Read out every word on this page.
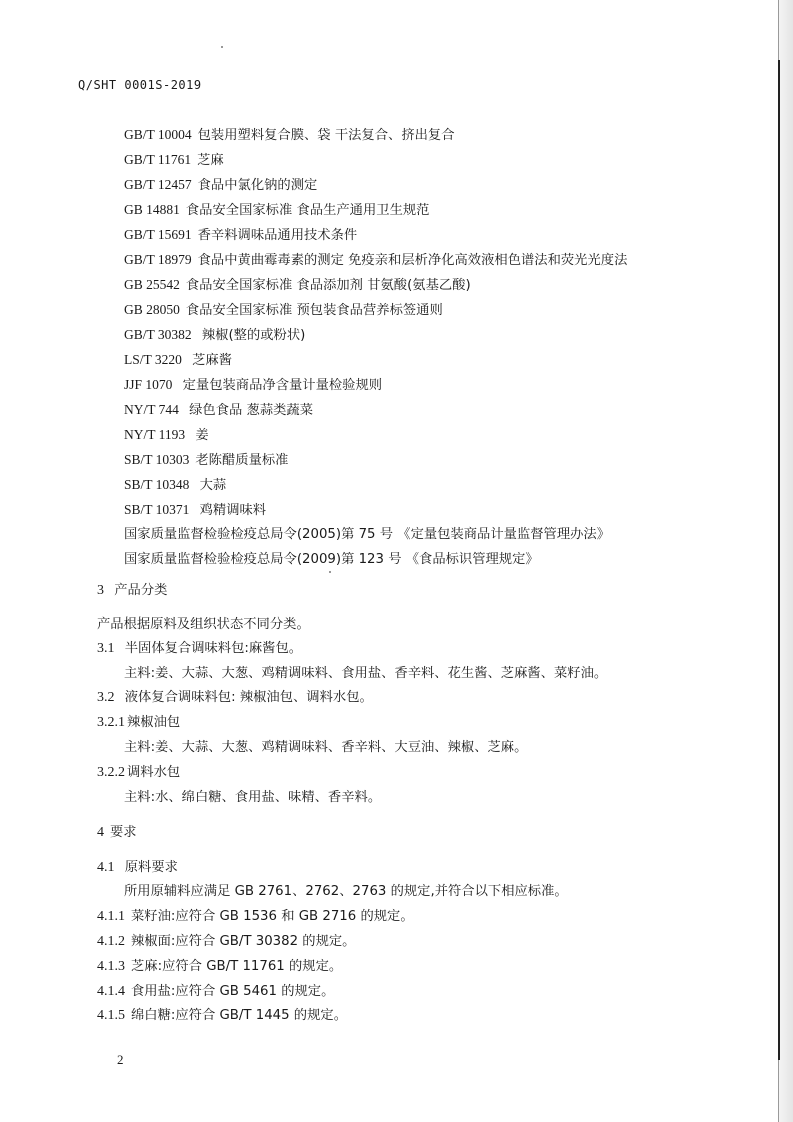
Q/SHT 0001S-2019
GB/T 10004 包装用塑料复合膜、袋 干法复合、挤出复合
GB/T 11761 芝麻
GB/T 12457 食品中氯化钠的测定
GB 14881 食品安全国家标准 食品生产通用卫生规范
GB/T 15691 香辛料调味品通用技术条件
GB/T 18979 食品中黄曲霉毒素的测定 免疫亲和层析净化高效液相色谱法和荧光光度法
GB 25542 食品安全国家标准 食品添加剂 甘氨酸(氨基乙酸)
GB 28050 食品安全国家标准 预包装食品营养标签通则
GB/T 30382 辣椒(整的或粉状)
LS/T 3220 芝麻酱
JJF 1070 定量包装商品净含量计量检验规则
NY/T 744 绿色食品 葱蒜类蔬菜
NY/T 1193 姜
SB/T 10303 老陈醋质量标准
SB/T 10348 大蒜
SB/T 10371 鸡精调味料
国家质量监督检验检疫总局令(2005)第 75 号 《定量包装商品计量监督管理办法》
国家质量监督检验检疫总局令(2009)第 123 号 《食品标识管理规定》
3 产品分类
产品根据原料及组织状态不同分类。
3.1 半固体复合调味料包:麻酱包。
主料:姜、大蒜、大葱、鸡精调味料、食用盐、香辛料、花生酱、芝麻酱、菜籽油。
3.2 液体复合调味料包: 辣椒油包、调料水包。
3.2.1 辣椒油包
主料:姜、大蒜、大葱、鸡精调味料、香辛料、大豆油、辣椒、芝麻。
3.2.2 调料水包
主料:水、绵白糖、食用盐、味精、香辛料。
4 要求
4.1 原料要求
所用原辅料应满足 GB 2761、2762、2763 的规定,并符合以下相应标准。
4.1.1 菜籽油:应符合 GB 1536 和 GB 2716 的规定。
4.1.2 辣椒面:应符合 GB/T 30382 的规定。
4.1.3 芝麻:应符合 GB/T 11761 的规定。
4.1.4 食用盐:应符合 GB 5461 的规定。
4.1.5 绵白糖:应符合 GB/T 1445 的规定。
2
